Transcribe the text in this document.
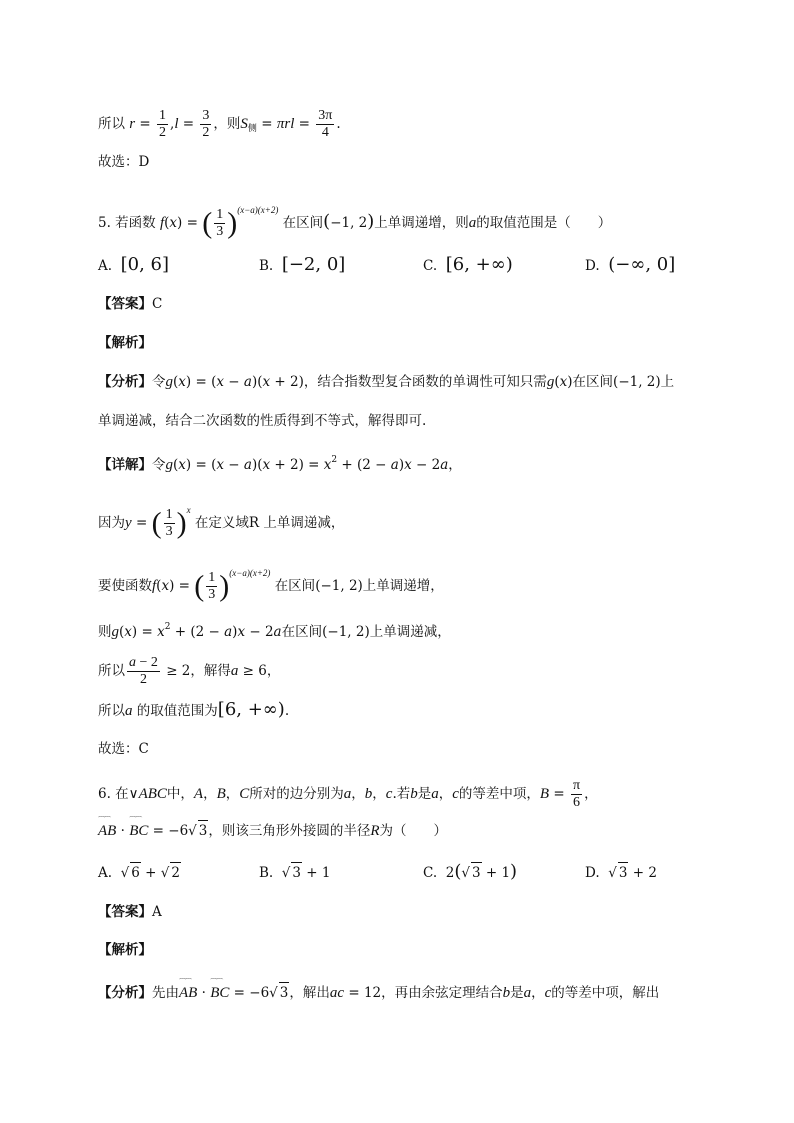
所以 $r = \frac{1}{2} ,l = \frac{3}{2}$ ，则$S_侧 = \pi rl = \frac{3\pi}{4}$ .
故选：D
5. 若函数 f(x) = ( $\frac{1}{3} )^{(x-a)(x+2)}$ 在区间(−1, 2)上单调递增，则a的取值范围是（　　）
A. [0, 6]	B. [−2, 0]	C. [6, +∞)	D. (−∞, 0]
【答案】C
【解析】
【分析】令g(x) = (x − a)(x + 2)，结合指数型复合函数的单调性可知只需g(x)在区间(−1, 2)上
单调递减，结合二次函数的性质得到不等式，解得即可.
【详解】令$g(x) = (x - a)(x + 2) = x^2 + (2 - a)x - 2a$，
因为y = ( $\frac{1}{3} )^x$ 在定义域R 上单调递减，
要使函数f(x) = ( $\frac{1}{3} )^{(x-a)(x+2)}$ 在区间(−1, 2)上单调递增，
则$g(x) = x^2 + (2 - a)x - 2a$在区间(−1, 2)上单调递减，
所以 $\frac{a - 2}{2} \ge 2$，解得a ≥ 6，
所以a 的取值范围为[6, +∞).
故选：C
6. 在∨ABC中，A，B，C所对的边分别为a，b，c.若b是a，c的等差中项，$B = \frac{\pi}{6}$ ，
⌒⌒ AB · ⌒⌒ BC = −6√ 3，则该三角形外接圆的半径R为（　　）
A.  √ 6 + √ 2	B.  √ 3 + 1	C.  2(√ 3 + 1)	D.  √ 3 + 2
【答案】A
【解析】
【分析】先由⌒⌒ AB · ⌒⌒ BC = −6√ 3，解出ac = 12，再由余弦定理结合b是a，c的等差中项，解出
